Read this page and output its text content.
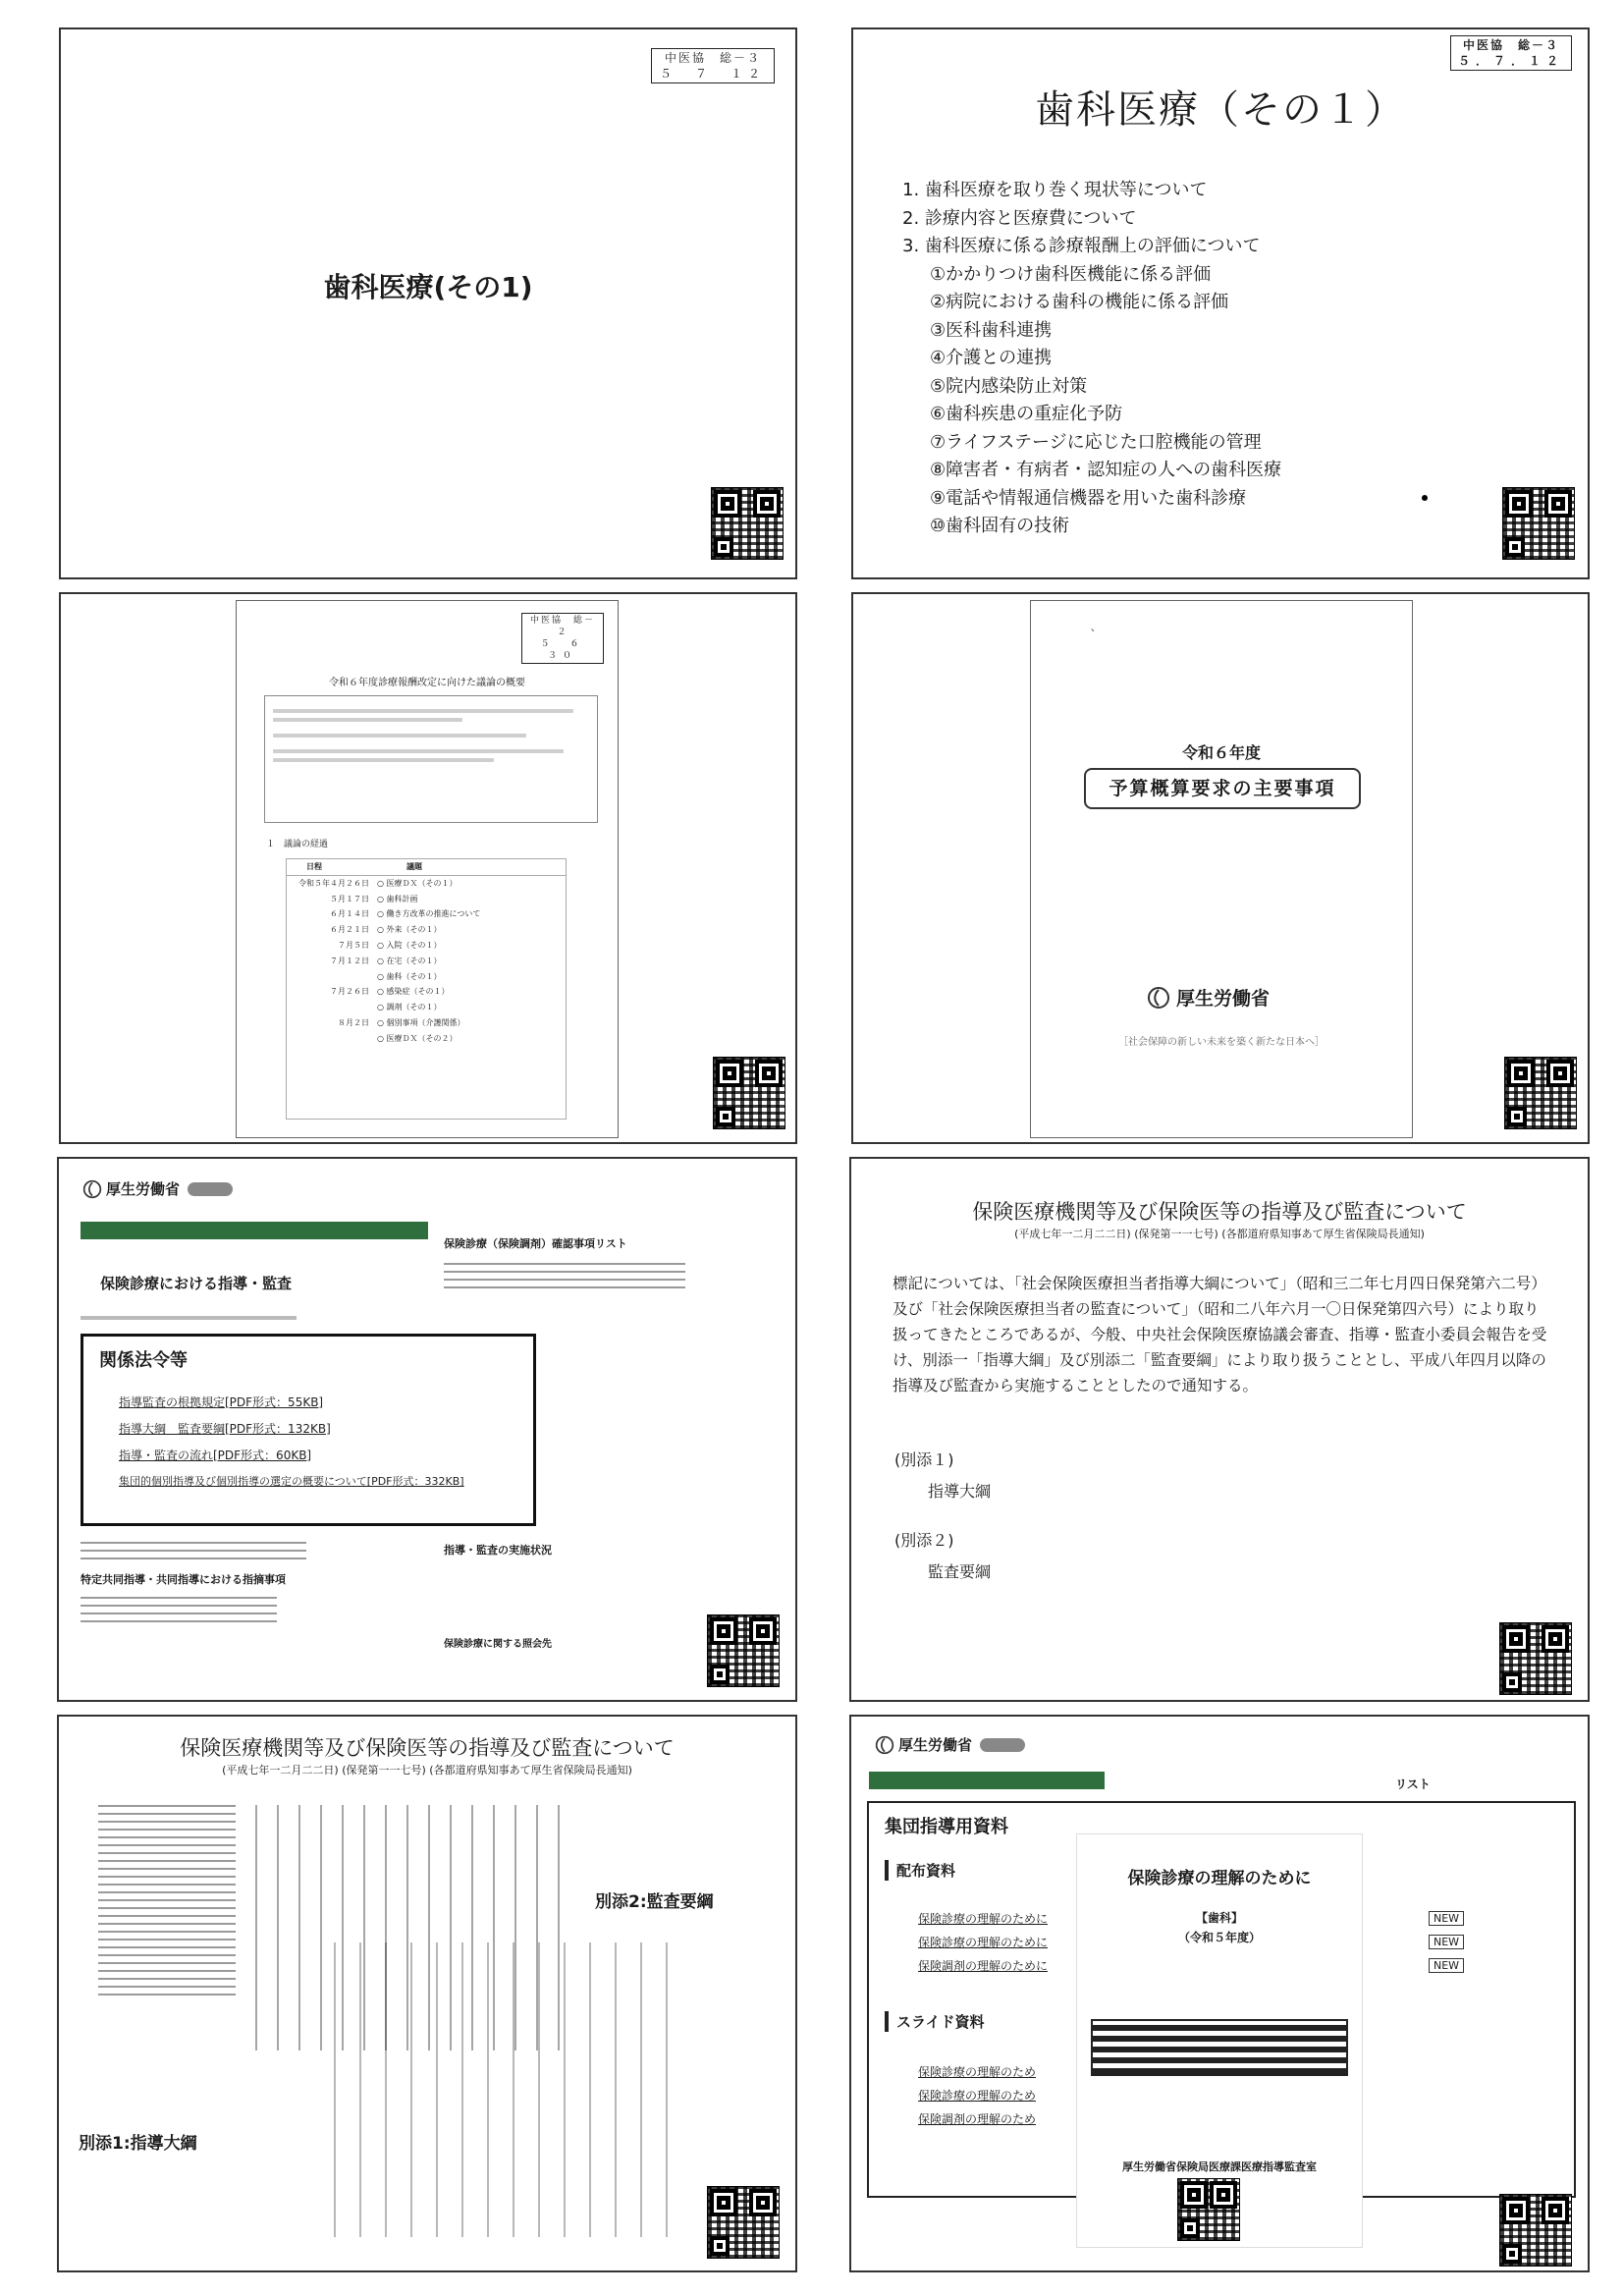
中医協　総－３
５　７　１２
歯科医療(その1)
中医協　総－３
５．７．１２
歯科医療（その１）
1. 歯科医療を取り巻く現状等について
2. 診療内容と医療費について
3. 歯科医療に係る診療報酬上の評価について
①かかりつけ歯科医機能に係る評価
②病院における歯科の機能に係る評価
③医科歯科連携
④介護との連携
⑤院内感染防止対策
⑥歯科疾患の重症化予防
⑦ライフステージに応じた口腔機能の管理
⑧障害者・有病者・認知症の人への歯科医療
⑨電話や情報通信機器を用いた歯科診療
⑩歯科固有の技術
中医協　総－２
５　６　３０
令和６年度診療報酬改定に向けた議論の概要
１　議論の経過
日程	議題
令和５年４月２６日	○ 医療ＤＸ（その１）
５月１７日	○ 歯科計画
６月１４日	○ 働き方改革の推進について
６月２１日	○ 外来（その１）
７月５日	○ 入院（その１）
７月１２日	○ 在宅（その１）
○ 歯科（その１）
７月２６日	○ 感染症（その１）
○ 調剤（その１）
８月２日	○ 個別事項（介護関係）
○ 医療ＤＸ（その２）
`
令和６年度
予算概算要求の主要事項
厚生労働省
［社会保障の新しい未来を築く新たな日本へ］
厚生労働省
保険診療における指導・監査
関係法令等
指導監査の根拠規定[PDF形式：55KB]
指導大綱　監査要綱[PDF形式：132KB]
指導・監査の流れ[PDF形式：60KB]
集団的個別指導及び個別指導の選定の概要について[PDF形式：332KB]
保険診療（保険調剤）確認事項リスト
指導・監査の実施状況
保険診療に関する照会先
特定共同指導・共同指導における指摘事項
保険医療機関等及び保険医等の指導及び監査について
(平成七年一二月二二日) (保発第一一七号) (各都道府県知事あて厚生省保険局長通知)
標記については、「社会保険医療担当者指導大綱について」（昭和三二年七月四日保発第六二号）及び「社会保険医療担当者の監査について」（昭和二八年六月一〇日保発第四六号）により取り扱ってきたところであるが、今般、中央社会保険医療協議会審査、指導・監査小委員会報告を受け、別添一「指導大綱」及び別添二「監査要綱」により取り扱うこととし、平成八年四月以降の指導及び監査から実施することとしたので通知する。
(別添１)
指導大綱
(別添２)
監査要綱
保険医療機関等及び保険医等の指導及び監査について
(平成七年一二月二二日) (保発第一一七号) (各都道府県知事あて厚生省保険局長通知)
別添2:監査要綱
別添1:指導大綱
厚生労働省
リスト
集団指導用資料
配布資料
保険診療の理解のために
保険診療の理解のために
保険調剤の理解のために
スライド資料
保険診療の理解のため
保険診療の理解のため
保険調剤の理解のため
NEW
NEW
NEW
保険診療の理解のために
【歯科】
（令和５年度）
厚生労働省保険局医療課医療指導監査室
